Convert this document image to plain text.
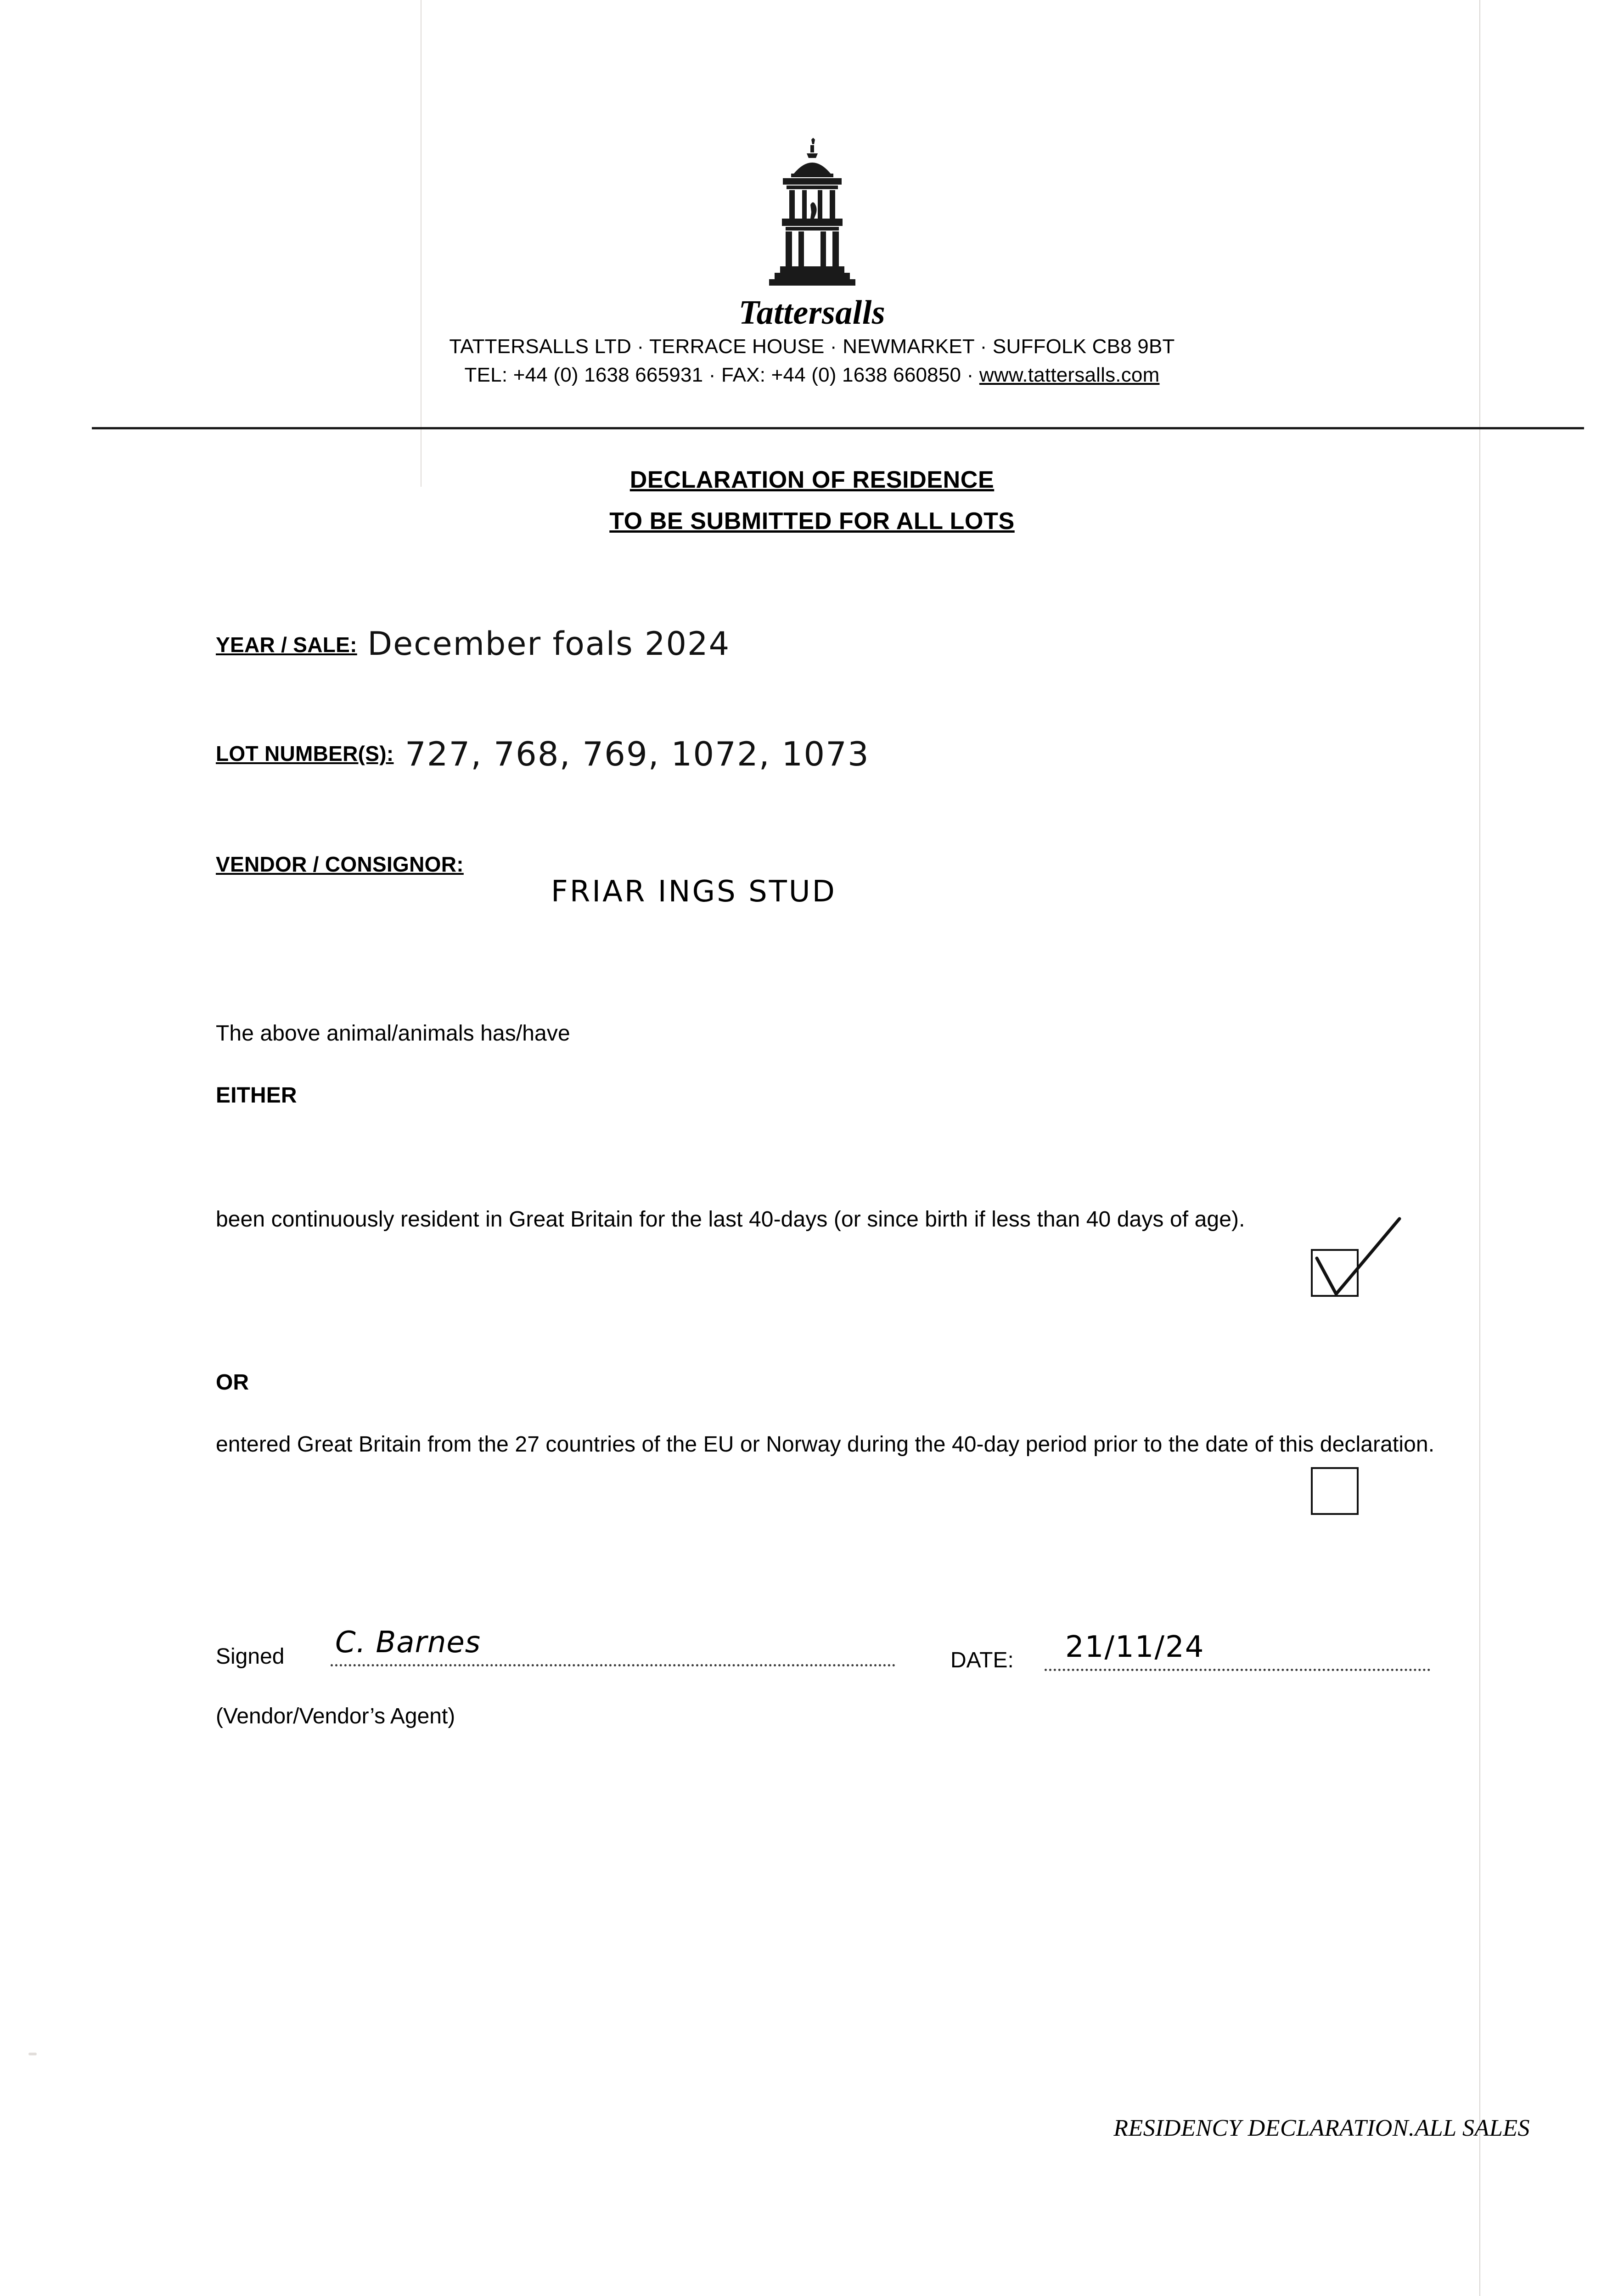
Tattersalls
TATTERSALLS LTD · TERRACE HOUSE · NEWMARKET · SUFFOLK CB8 9BT
TEL: +44 (0) 1638 665931 · FAX: +44 (0) 1638 660850 · www.tattersalls.com
DECLARATION OF RESIDENCE
TO BE SUBMITTED FOR ALL LOTS
YEAR / SALE: December foals 2024
LOT NUMBER(S): 727, 768, 769, 1072, 1073
VENDOR / CONSIGNOR:
FRIAR INGS STUD
The above animal/animals has/have
EITHER
been continuously resident in Great Britain for the last 40-days (or since birth if less than 40 days of age).
OR
entered Great Britain from the 27 countries of the EU or Norway during the 40-day period prior to the date of this declaration.
Signed C. Barnes
DATE: 21/11/24
(Vendor/Vendor’s Agent)
RESIDENCY DECLARATION.ALL SALES
